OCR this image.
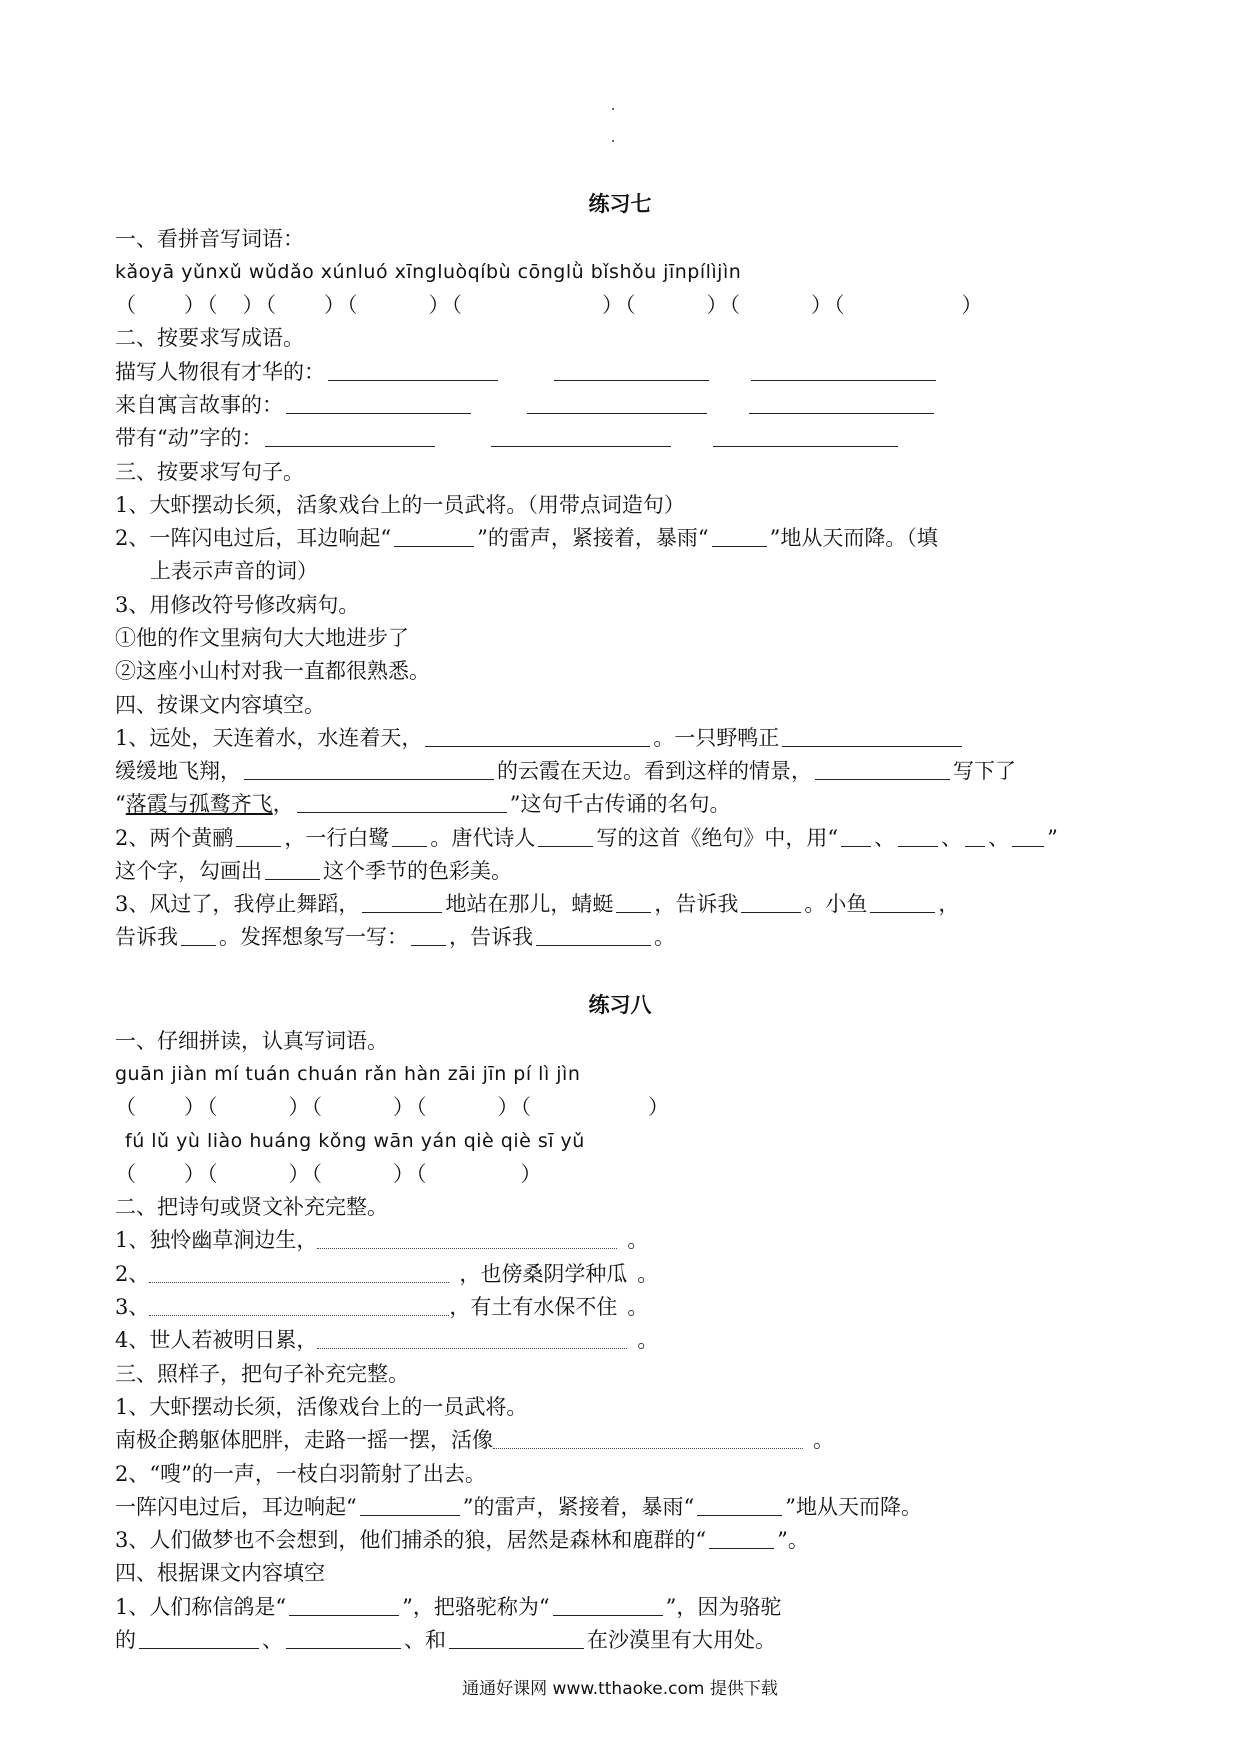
练习七
一、看拼音写词语：
kǎoyā yǔnxǔ wǔdǎo xúnluó xīngluòqíbù cōnglǜ bǐshǒu jīnpílìjìn
（　　）（　）（　　）（　　　）（　　　　　　）（　　　）（　　　）（　　　　　）
二、按要求写成语。
描写人物很有才华的：
来自寓言故事的：
带有“动”字的：
三、按要求写句子。
1、大虾摆动长须，活象戏台上的一员武将。（用带点词造句）
2、一阵闪电过后，耳边响起“	”的雷声，紧接着，暴雨“	”地从天而降。（填
上表示声音的词）
3、用修改符号修改病句。
①他的作文里病句大大地进步了
②这座小山村对我一直都很熟悉。
四、按课文内容填空。
1、远处，天连着水，水连着天，	。一只野鸭正
缓缓地飞翔，	的云霞在天边。看到这样的情景，	写下了
“落霞与孤鹜齐飞，	”这句千古传诵的名句。
2、两个黄鹂 ，一行白鹭 。唐代诗人	写的这首《绝句》中，用“ 、 、 、 ”
这个字，勾画出	这个季节的色彩美。
3、风过了，我停止舞蹈，	地站在那儿，蜻蜓 ，告诉我	。小鱼	，
告诉我 。发挥想象写一写： ，告诉我	。
练习八
一、仔细拼读，认真写词语。
guān jiàn mí tuán chuán rǎn hàn zāi jīn pí lì jìn
（　　）（　　　）（　　　）（　　　）（　　　　　）
fú lǔ yù liào huáng kǒng wān yán qiè qiè sī yǔ
（　　）（　　　）（　　　）（　　　　）
二、把诗句或贤文补充完整。
1、独怜幽草涧边生，	。
2、	，也傍桑阴学种瓜 。
3、	，有土有水保不住 。
4、世人若被明日累，	。
三、照样子，把句子补充完整。
1、大虾摆动长须，活像戏台上的一员武将。
南极企鹅躯体肥胖，走路一摇一摆，活像	。
2、“嗖”的一声，一枝白羽箭射了出去。
一阵闪电过后，耳边响起“	”的雷声，紧接着，暴雨“	”地从天而降。
3、人们做梦也不会想到，他们捕杀的狼，居然是森林和鹿群的“	”。
四、根据课文内容填空
1、人们称信鸽是“	”，把骆驼称为“	”，因为骆驼
的	、	、和	在沙漠里有大用处。
通通好课网 www.tthaoke.com 提供下载
